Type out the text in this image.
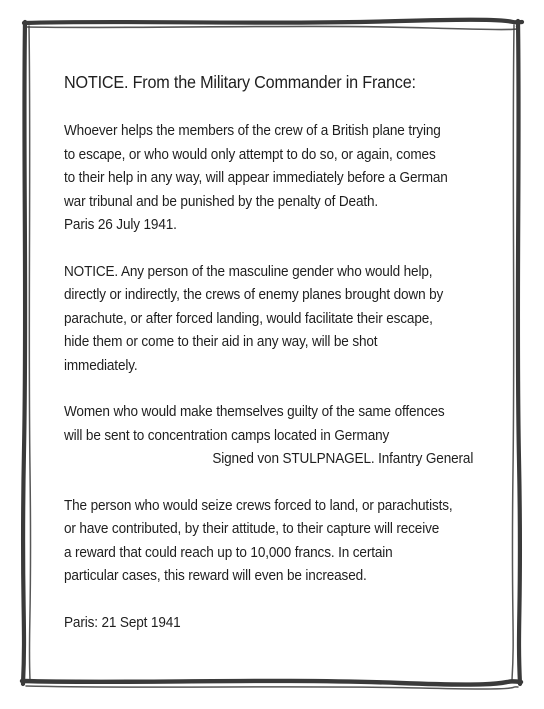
NOTICE. From the Military Commander in France:

Whoever helps the members of the crew of a British plane trying
to escape, or who would only attempt to do so, or again, comes
to their help in any way, will appear immediately before a German
war tribunal and be punished by the penalty of Death.
Paris 26 July 1941.
NOTICE. Any person of the masculine gender who would help,
directly or indirectly, the crews of enemy planes brought down by
parachute, or after forced landing, would facilitate their escape,
hide them or come to their aid in any way, will be shot
immediately.
Women who would make themselves guilty of the same offences
will be sent to concentration camps located in Germany
Signed von STULPNAGEL. Infantry General
The person who would seize crews forced to land, or parachutists,
or have contributed, by their attitude, to their capture will receive
a reward that could reach up to 10,000 francs. In certain
particular cases, this reward will even be increased.
Paris: 21 Sept 1941
